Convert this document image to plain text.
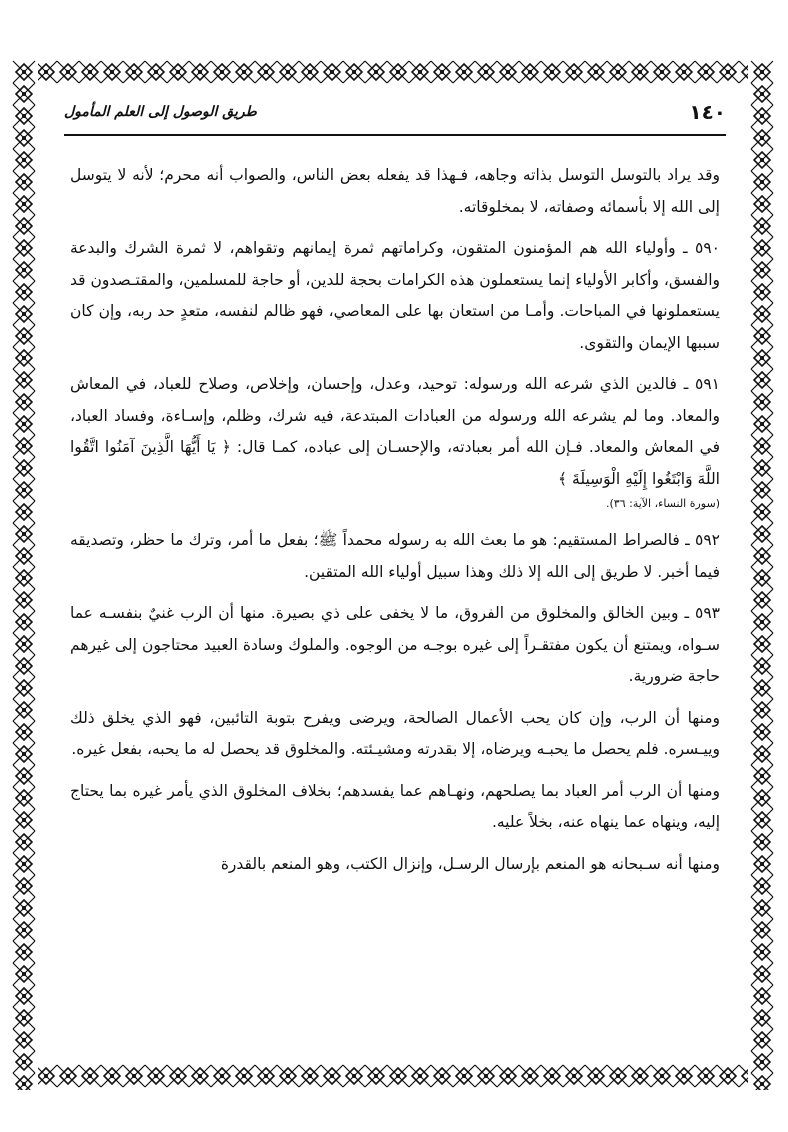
طريق الوصول إلى العلم المأمول	١٤٠

وقد يراد بالتوسل التوسل بذاته وجاهه، فـهذا قد يفعله بعض الناس، والصواب أنه محرم؛ لأنه لا يتوسل إلى الله إلا بأسمائه وصفاته، لا بمخلوقاته.

٥٩٠ ـ وأولياء الله هم المؤمنون المتقون، وكراماتهم ثمرة إيمانهم وتقواهم، لا ثمرة الشرك والبدعة والفسق، وأكابر الأولياء إنما يستعملون هذه الكرامات بحجة للدين، أو حاجة للمسلمين، والمقتـصدون قد يستعملونها في المباحات. وأمـا من استعان بها على المعاصي، فهو ظالم لنفسه، متعدٍ حد ربه، وإن كان سببها الإيمان والتقوى.

٥٩١ ـ فالدين الذي شرعه الله ورسوله: توحيد، وعدل، وإحسان، وإخلاص، وصلاح للعباد، في المعاش والمعاد. وما لم يشرعه الله ورسوله من العبادات المبتدعة، فيه شرك، وظلم، وإسـاءة، وفساد العباد، في المعاش والمعاد. فـإن الله أمر بعبادته، والإحسـان إلى عباده، كمـا قال: ﴿ يَا أَيُّهَا الَّذِينَ آمَنُوا اتَّقُوا اللَّهَ وَابْتَغُوا إِلَيْهِ الْوَسِيلَةَ ﴾

(سورة النساء، الآية: ٣٦).

٥٩٢ ـ فالصراط المستقيم: هو ما بعث الله به رسوله محمداً ﷺ؛ بفعل ما أمر، وترك ما حظر، وتصديقه فيما أخبر. لا طريق إلى الله إلا ذلك وهذا سبيل أولياء الله المتقين.

٥٩٣ ـ وبين الخالق والمخلوق من الفروق، ما لا يخفى على ذي بصيرة. منها أن الرب غنيٌ بنفسـه عما سـواه، ويمتنع أن يكون مفتقـراً إلى غيره بوجـه من الوجوه. والملوك وسادة العبيد محتاجون إلى غيرهم حاجة ضرورية.

ومنها أن الرب، وإن كان يحب الأعمال الصالحة، ويرضى ويفرح بتوبة التائبين، فهو الذي يخلق ذلك وييـسره. فلم يحصل ما يحبـه ويرضاه، إلا بقدرته ومشيـئته. والمخلوق قد يحصل له ما يحبه، بفعل غيره.

ومنها أن الرب أمر العباد بما يصلحهم، ونهـاهم عما يفسدهم؛ بخلاف المخلوق الذي يأمر غيره بما يحتاج إليه، وينهاه عما ينهاه عنه، بخلاً عليه.

ومنها أنه سـبحانه هو المنعم بإرسال الرسـل، وإنزال الكتب، وهو المنعم بالقدرة
